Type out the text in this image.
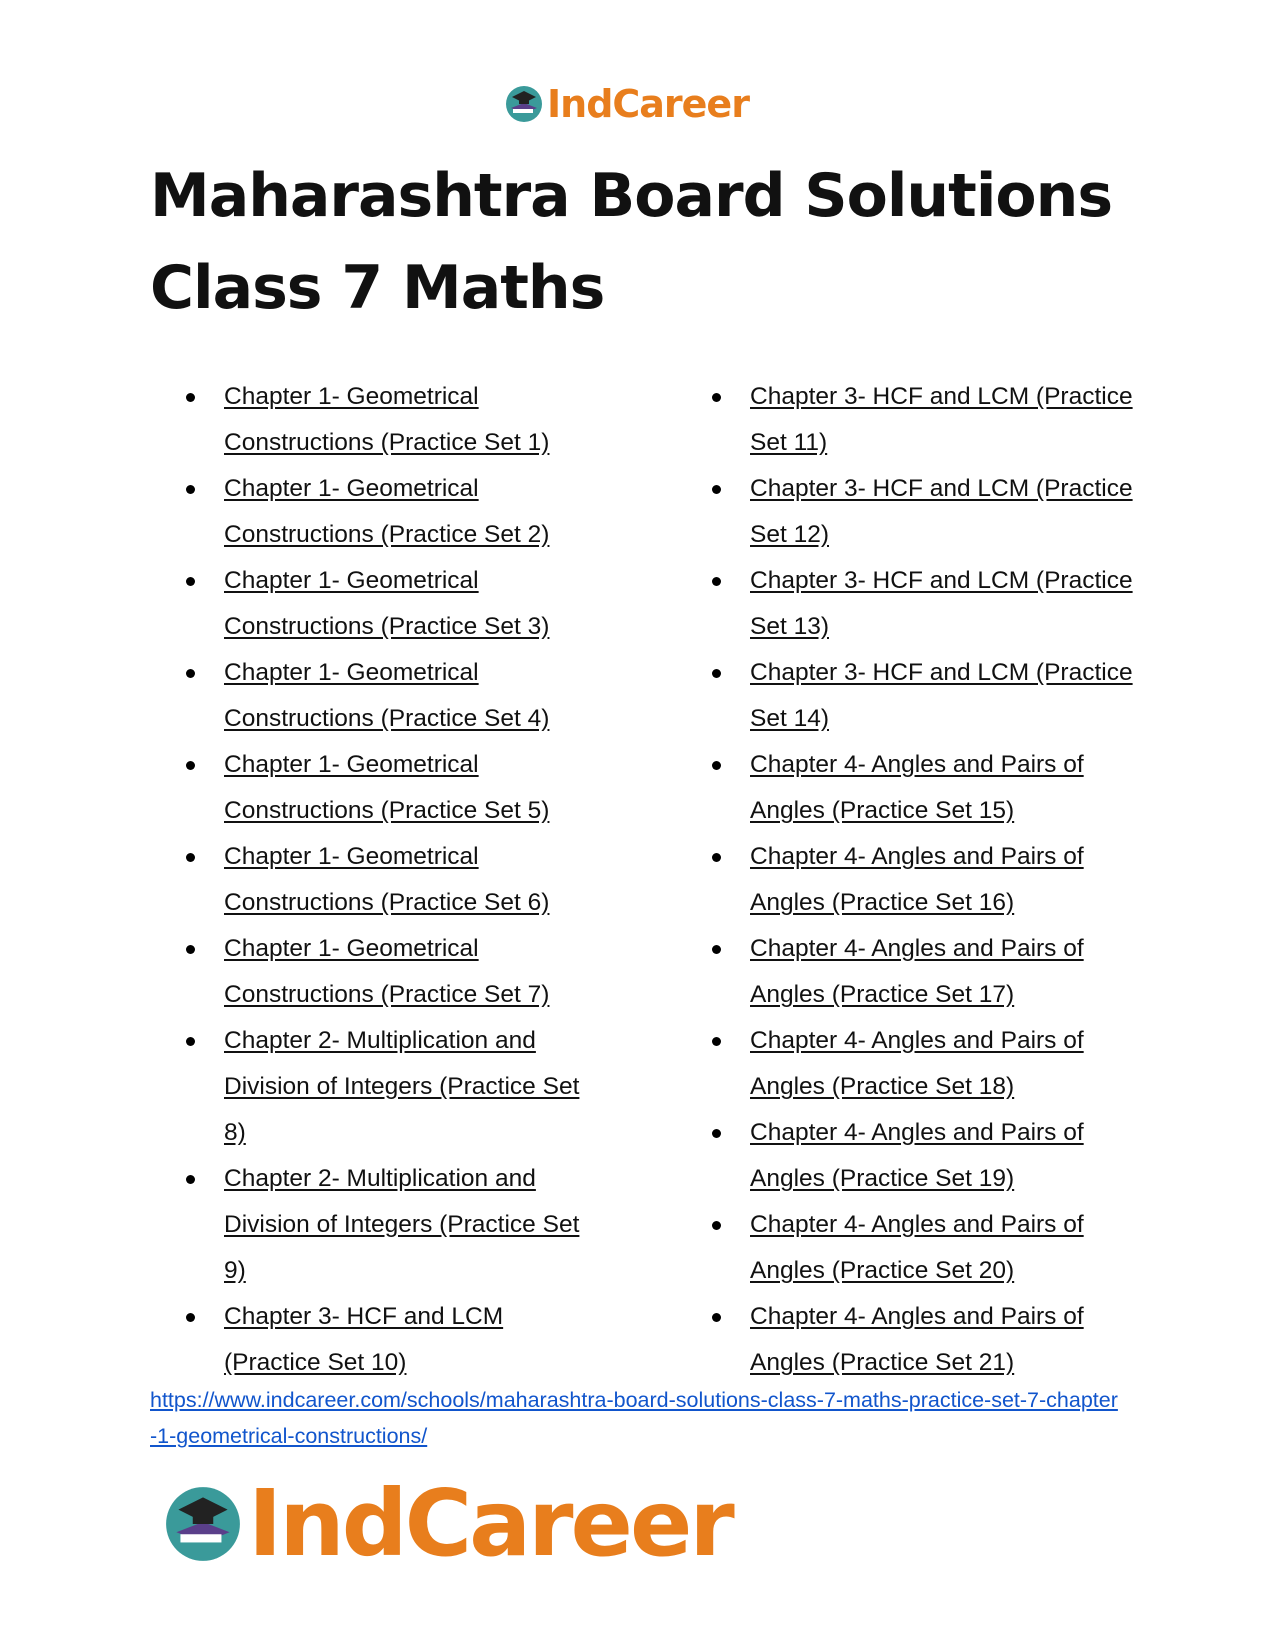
IndCareer
Maharashtra Board Solutions Class 7 Maths
Chapter 1- Geometrical Constructions (Practice Set 1)
Chapter 1- Geometrical Constructions (Practice Set 2)
Chapter 1- Geometrical Constructions (Practice Set 3)
Chapter 1- Geometrical Constructions (Practice Set 4)
Chapter 1- Geometrical Constructions (Practice Set 5)
Chapter 1- Geometrical Constructions (Practice Set 6)
Chapter 1- Geometrical Constructions (Practice Set 7)
Chapter 2- Multiplication and Division of Integers (Practice Set 8)
Chapter 2- Multiplication and Division of Integers (Practice Set 9)
Chapter 3- HCF and LCM (Practice Set 10)
Chapter 3- HCF and LCM (Practice Set 11)
Chapter 3- HCF and LCM (Practice Set 12)
Chapter 3- HCF and LCM (Practice Set 13)
Chapter 3- HCF and LCM (Practice Set 14)
Chapter 4- Angles and Pairs of Angles (Practice Set 15)
Chapter 4- Angles and Pairs of Angles (Practice Set 16)
Chapter 4- Angles and Pairs of Angles (Practice Set 17)
Chapter 4- Angles and Pairs of Angles (Practice Set 18)
Chapter 4- Angles and Pairs of Angles (Practice Set 19)
Chapter 4- Angles and Pairs of Angles (Practice Set 20)
Chapter 4- Angles and Pairs of Angles (Practice Set 21)
https://www.indcareer.com/schools/maharashtra-board-solutions-class-7-maths-practice-set-7-chapter-1-geometrical-constructions/
IndCareer
